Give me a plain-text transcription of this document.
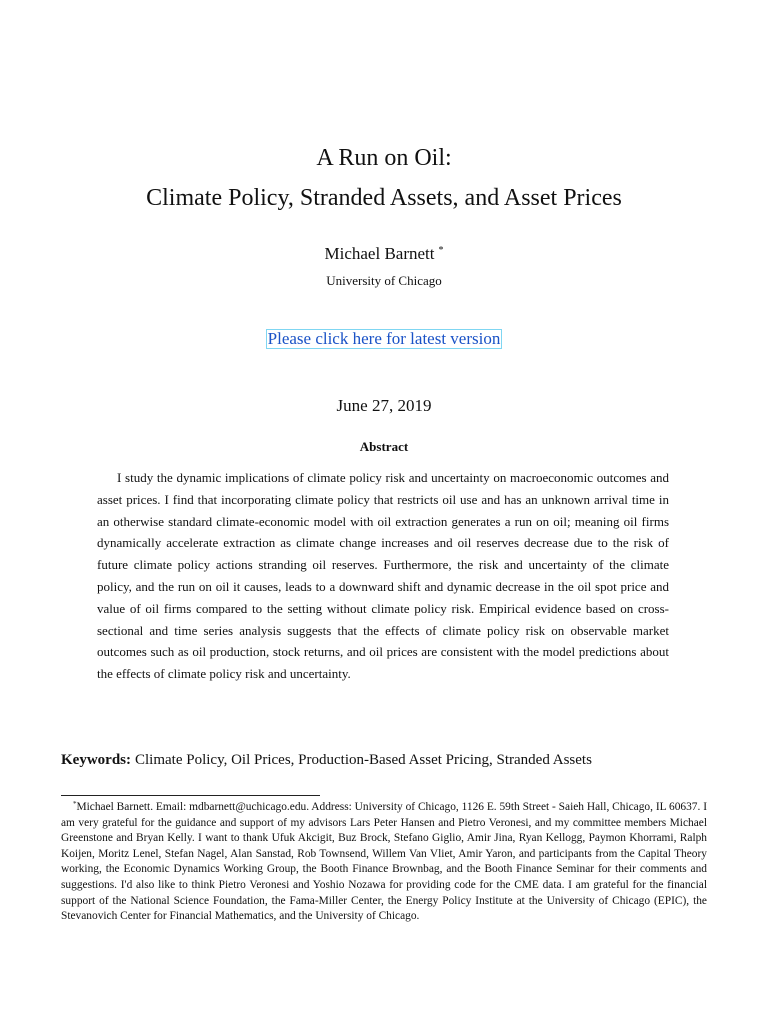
A Run on Oil:
Climate Policy, Stranded Assets, and Asset Prices
Michael Barnett *
University of Chicago
Please click here for latest version
June 27, 2019
Abstract

I study the dynamic implications of climate policy risk and uncertainty on macroeconomic outcomes and asset prices. I find that incorporating climate policy that restricts oil use and has an unknown arrival time in an otherwise standard climate-economic model with oil extraction generates a run on oil; meaning oil firms dynamically accelerate extraction as climate change increases and oil reserves decrease due to the risk of future climate policy actions stranding oil reserves. Furthermore, the risk and uncertainty of the climate policy, and the run on oil it causes, leads to a downward shift and dynamic decrease in the oil spot price and value of oil firms compared to the setting without climate policy risk. Empirical evidence based on cross-sectional and time series analysis suggests that the effects of climate policy risk on observable market outcomes such as oil production, stock returns, and oil prices are consistent with the model predictions about the effects of climate policy risk and uncertainty.

Keywords: Climate Policy, Oil Prices, Production-Based Asset Pricing, Stranded Assets

*Michael Barnett. Email: mdbarnett@uchicago.edu. Address: University of Chicago, 1126 E. 59th Street - Saieh Hall, Chicago, IL 60637. I am very grateful for the guidance and support of my advisors Lars Peter Hansen and Pietro Veronesi, and my committee members Michael Greenstone and Bryan Kelly. I want to thank Ufuk Akcigit, Buz Brock, Stefano Giglio, Amir Jina, Ryan Kellogg, Paymon Khorrami, Ralph Koijen, Moritz Lenel, Stefan Nagel, Alan Sanstad, Rob Townsend, Willem Van Vliet, Amir Yaron, and participants from the Capital Theory working, the Economic Dynamics Working Group, the Booth Finance Brownbag, and the Booth Finance Seminar for their comments and suggestions. I'd also like to think Pietro Veronesi and Yoshio Nozawa for providing code for the CME data. I am grateful for the financial support of the National Science Foundation, the Fama-Miller Center, the Energy Policy Institute at the University of Chicago (EPIC), the Stevanovich Center for Financial Mathematics, and the University of Chicago.
